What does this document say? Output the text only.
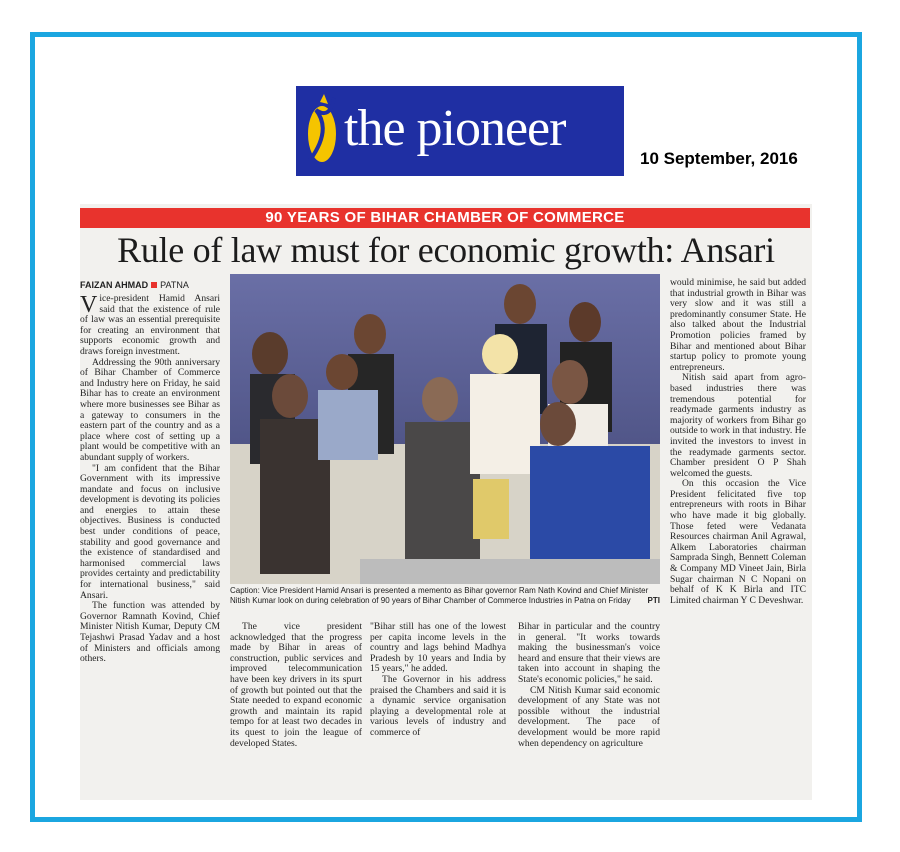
the pioneer
10 September, 2016
90 YEARS OF BIHAR CHAMBER OF COMMERCE
Rule of law must for economic growth: Ansari
FAIZAN AHMAD PATNA

Vice-president Hamid Ansari said that the existence of rule of law was an essential prerequisite for creating an environment that supports economic growth and draws foreign investment.

Addressing the 90th anniversary of Bihar Chamber of Commerce and Industry here on Friday, he said Bihar has to create an environment where more businesses see Bihar as a gateway to consumers in the eastern part of the country and as a place where cost of setting up a plant would be competitive with an abundant supply of workers.

"I am confident that the Bihar Government with its impressive mandate and focus on inclusive development is devoting its policies and energies to attain these objectives. Business is conducted best under conditions of peace, stability and good governance and the existence of standardised and harmonised commercial laws provides certainty and predictability for international business," said Ansari.

The function was attended by Governor Ramnath Kovind, Chief Minister Nitish Kumar, Deputy CM Tejashwi Prasad Yadav and a host of Ministers and officials among others.

Caption: Vice President Hamid Ansari is presented a memento as Bihar governor Ram Nath Kovind and Chief Minister Nitish Kumar look on during celebration of 90 years of Bihar Chamber of Commerce Industries in Patna on Friday PTI

The vice president acknowledged that the progress made by Bihar in areas of construction, public services and improved telecommunication have been key drivers in its spurt of growth but pointed out that the State needed to expand economic growth and maintain its rapid tempo for at least two decades in its quest to join the league of developed States.

"Bihar still has one of the lowest per capita income levels in the country and lags behind Madhya Pradesh by 10 years and India by 15 years," he added.

The Governor in his address praised the Chambers and said it is a dynamic service organisation playing a developmental role at various levels of industry and commerce of

Bihar in particular and the country in general. "It works towards making the businessman's voice heard and ensure that their views are taken into account in shaping the State's economic policies," he said.

CM Nitish Kumar said economic development of any State was not possible without the industrial development. The pace of development would be more rapid when dependency on agriculture

would minimise, he said but added that industrial growth in Bihar was very slow and it was still a predominantly consumer State. He also talked about the Industrial Promotion policies framed by Bihar and mentioned about Bihar startup policy to promote young entrepreneurs.

Nitish said apart from agro-based industries there was tremendous potential for readymade garments industry as majority of workers from Bihar go outside to work in that industry. He invited the investors to invest in the readymade garments sector. Chamber president O P Shah welcomed the guests.

On this occasion the Vice President felicitated five top entrepreneurs with roots in Bihar who have made it big globally. Those feted were Vedanata Resources chairman Anil Agrawal, Alkem Laboratories chairman Samprada Singh, Bennett Coleman & Company MD Vineet Jain, Birla Sugar chairman N C Nopani on behalf of K K Birla and ITC Limited chairman Y C Deveshwar.
